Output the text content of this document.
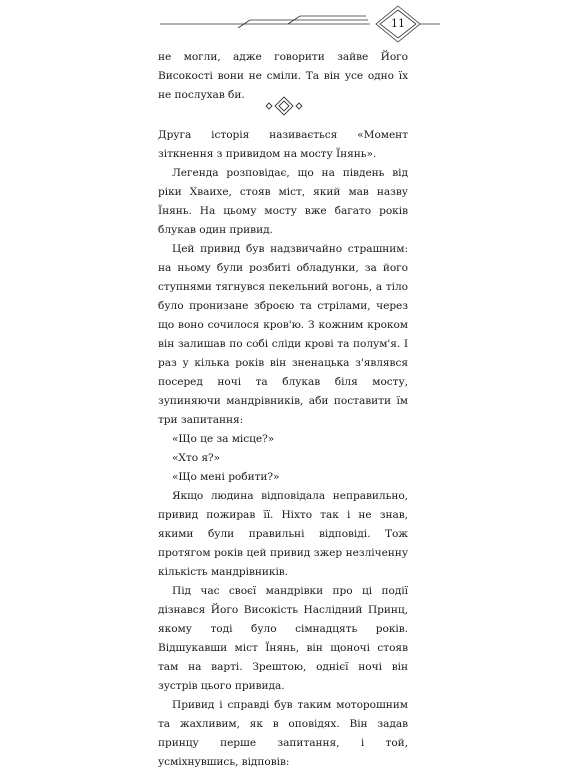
11

не могли, адже говорити зайве Його Високості вони не сміли. Та він усе одно їх не послухав би.

Друга історія називається «Момент зіткнення з привидом на мосту Їнянь».

Легенда розповідає, що на південь від ріки Хваихе, стояв міст, який мав назву Їнянь. На цьому мосту вже багато років блукав один привид.

Цей привид був надзвичайно страшним: на ньому були розбиті обладунки, за його ступнями тягнувся пекельний вогонь, а тіло було пронизане зброєю та стрілами, через що воно сочилося кров'ю. З кожним кроком він залишав по собі сліди крові та полум'я. І раз у кілька років він зненацька з'являвся посеред ночі та блукав біля мосту, зупиняючи мандрівників, аби поставити їм три запитання:

«Що це за місце?»

«Хто я?»

«Що мені робити?»

Якщо людина відповідала неправильно, привид пожирав її. Ніхто так і не знав, якими були правильні відповіді. Тож протягом років цей привид зжер незліченну кількість мандрівників.

Під час своєї мандрівки про ці події дізнався Його Високість Наслідний Принц, якому тоді було сімнадцять років. Відшукавши міст Їнянь, він щоночі стояв там на варті. Зрештою, однієї ночі він зустрів цього привида.

Привид і справді був таким моторошним та жахливим, як в оповідях. Він задав принцу перше запитання, і той, усміхнувшись, відповів:
